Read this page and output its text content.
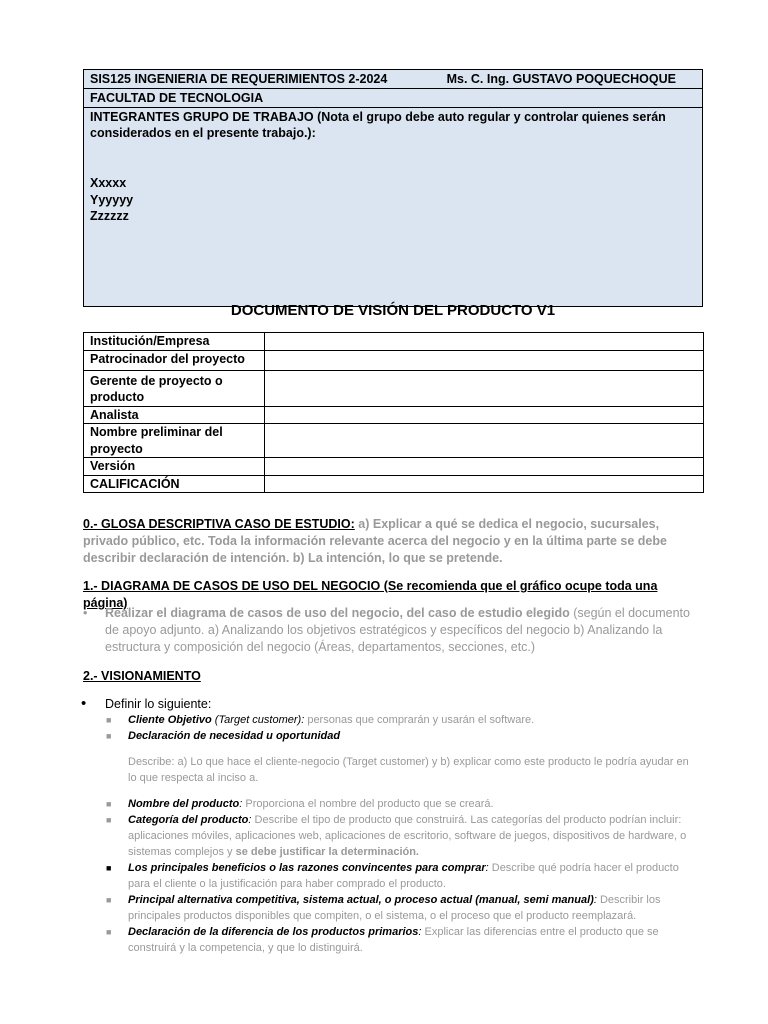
SIS125 INGENIERIA DE REQUERIMIENTOS 2-2024	Ms. C. Ing. GUSTAVO POQUECHOQUE

FACULTAD DE TECNOLOGIA

INTEGRANTES GRUPO DE TRABAJO (Nota el grupo debe auto regular y controlar quienes serán considerados en el presente trabajo.):
Xxxxx
Yyyyyy
Zzzzzz
DOCUMENTO DE VISIÓN DEL PRODUCTO V1
Institución/Empresa	
Patrocinador del proyecto	
Gerente de proyecto o producto	
Analista	
Nombre preliminar del proyecto	
Versión	
CALIFICACIÓN	
0.- GLOSA DESCRIPTIVA CASO DE ESTUDIO: a) Explicar a qué se dedica el negocio, sucursales, privado público, etc. Toda la información relevante acerca del negocio y en la última parte se debe describir declaración de intención. b) La intención, lo que se pretende.
1.- DIAGRAMA DE CASOS DE USO DEL NEGOCIO (Se recomienda que el gráfico ocupe toda una página)
• Realizar el diagrama de casos de uso del negocio, del caso de estudio elegido (según el documento de apoyo adjunto. a) Analizando los objetivos estratégicos y específicos del negocio b) Analizando la estructura y composición del negocio (Áreas, departamentos, secciones, etc.)
2.- VISIONAMIENTO
• Definir lo siguiente:
■ Cliente Objetivo (Target customer): personas que comprarán y usarán el software.
■ Declaración de necesidad u oportunidad
Describe: a) Lo que hace el cliente-negocio (Target customer) y b) explicar como este producto le podría ayudar en lo que respecta al inciso a.
■ Nombre del producto: Proporciona el nombre del producto que se creará.
■ Categoría del producto: Describe el tipo de producto que construirá. Las categorías del producto podrían incluir: aplicaciones móviles, aplicaciones web, aplicaciones de escritorio, software de juegos, dispositivos de hardware, o sistemas complejos y se debe justificar la determinación.
■ Los principales beneficios o las razones convincentes para comprar: Describe qué podría hacer el producto para el cliente o la justificación para haber comprado el producto.
■ Principal alternativa competitiva, sistema actual, o proceso actual (manual, semi manual): Describir los principales productos disponibles que compiten, o el sistema, o el proceso que el producto reemplazará.
■ Declaración de la diferencia de los productos primarios: Explicar las diferencias entre el producto que se construirá y la competencia, y que lo distinguirá.
